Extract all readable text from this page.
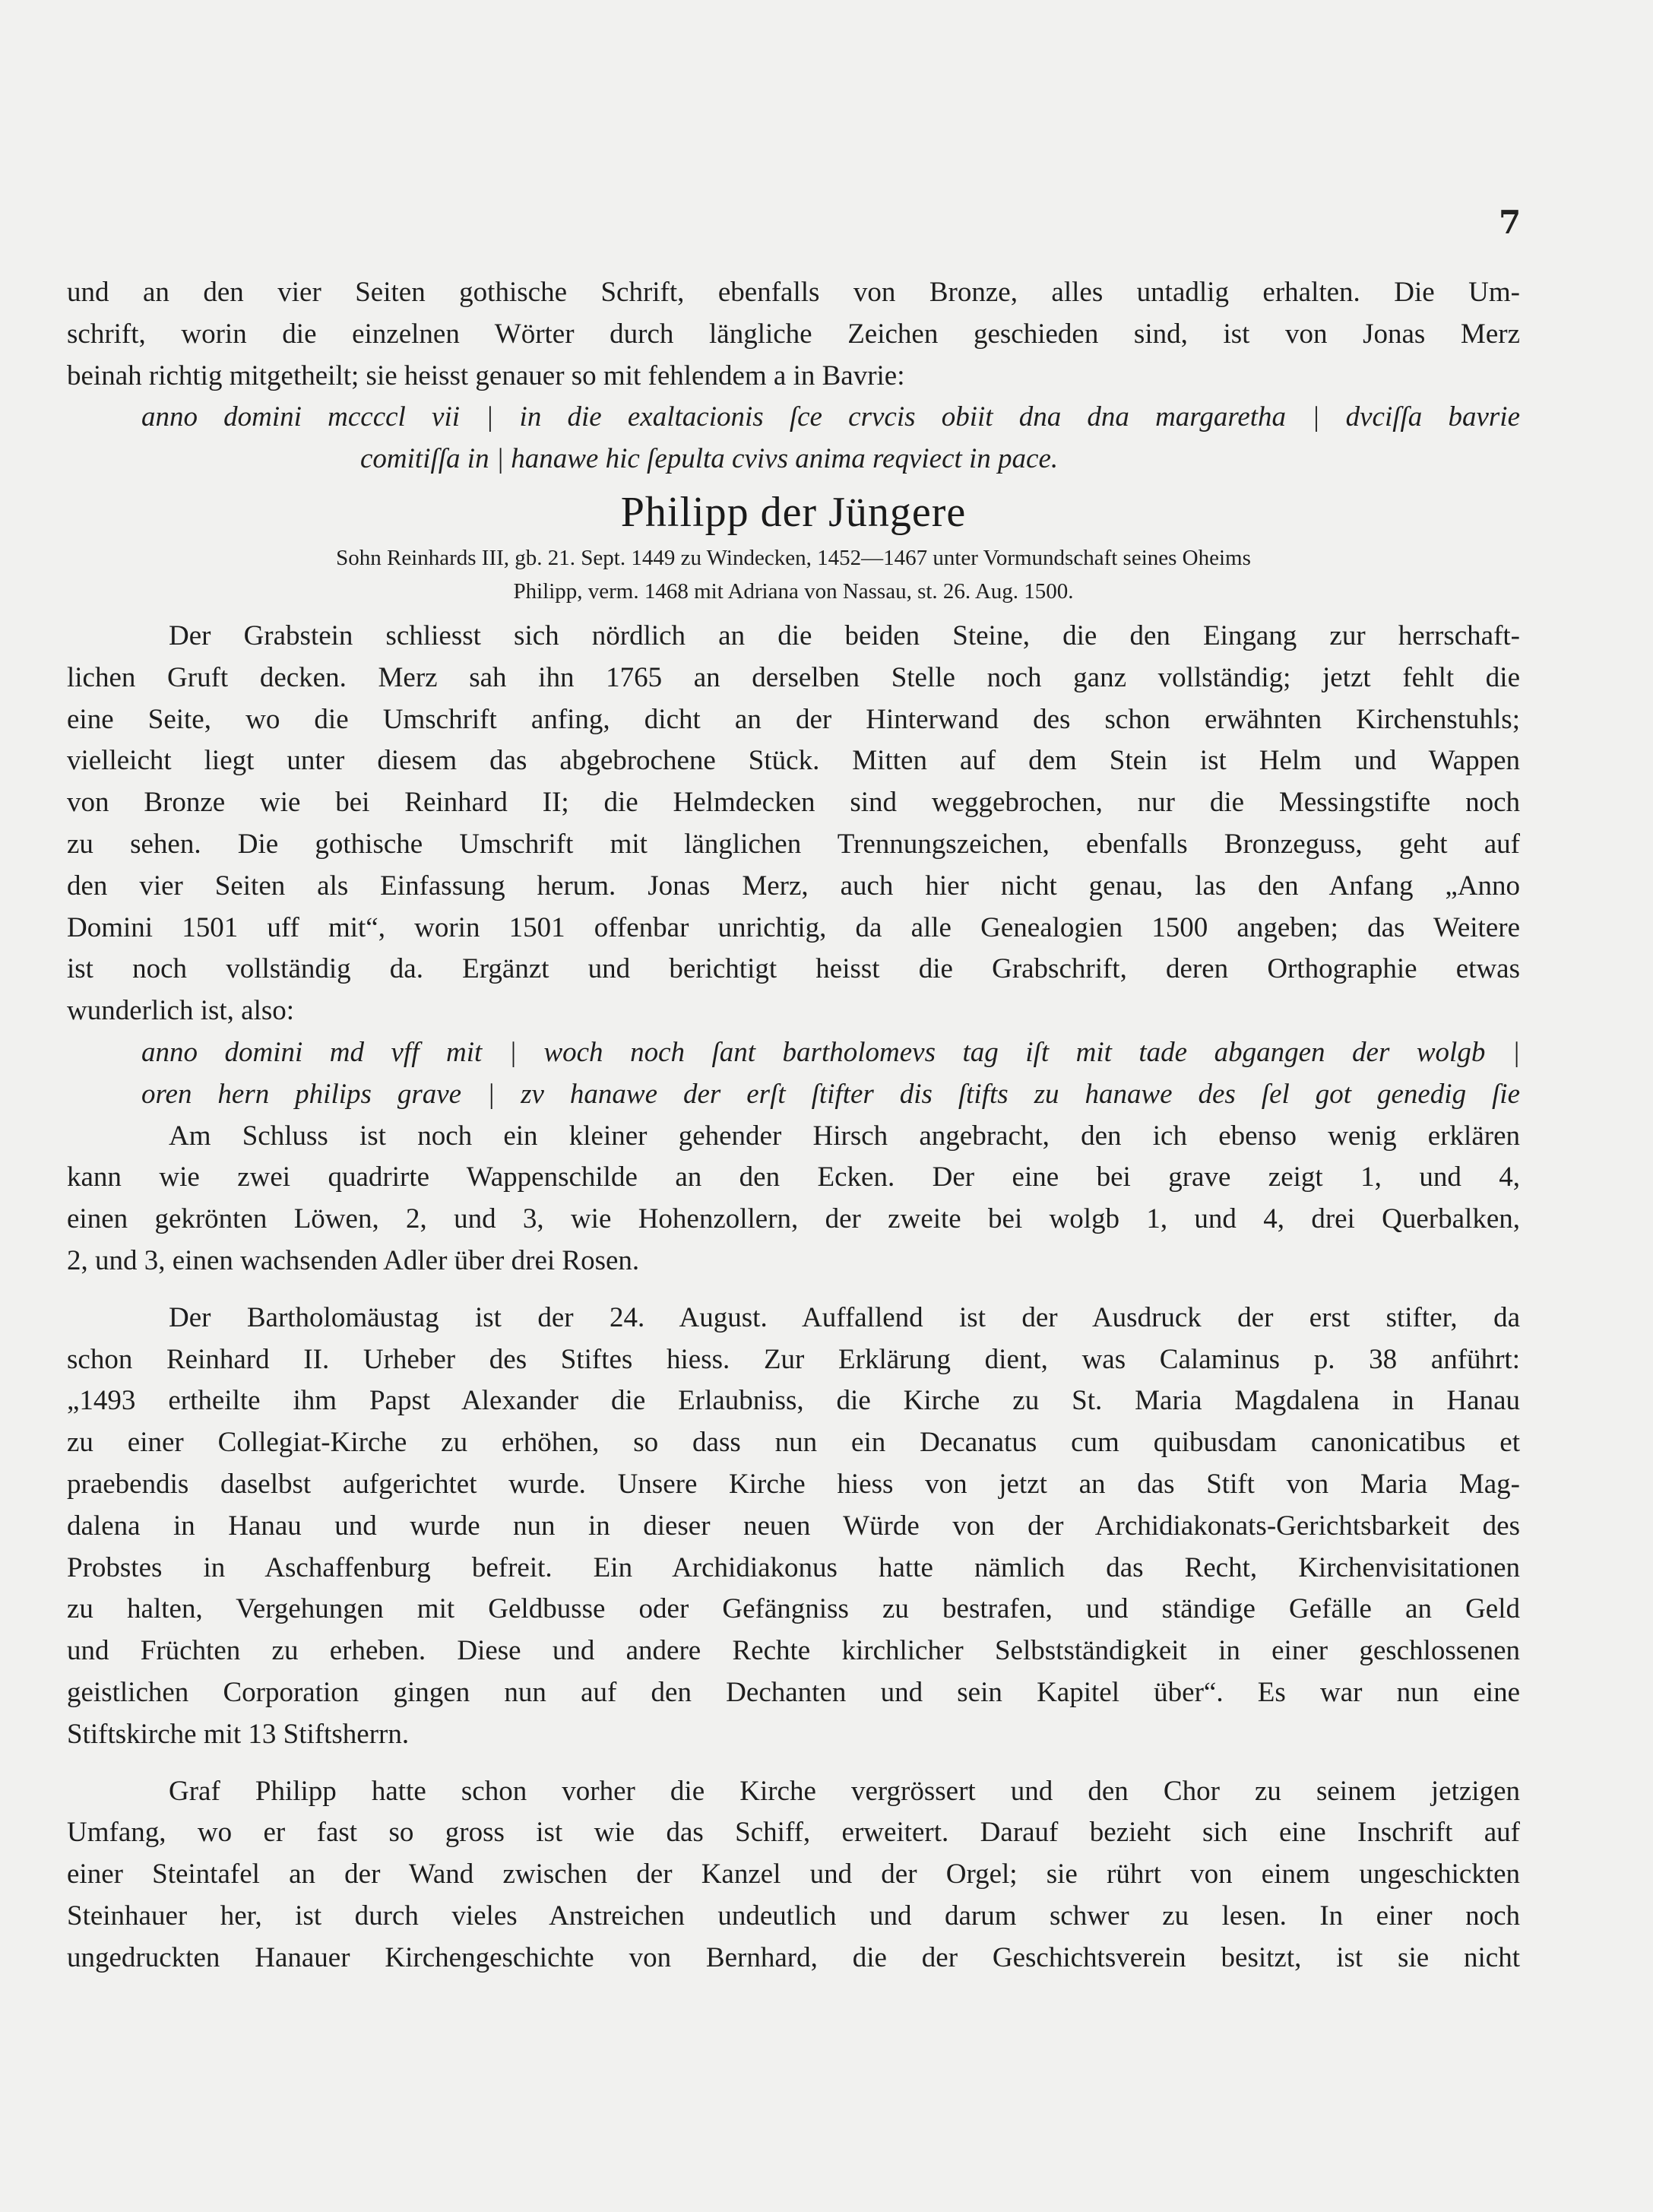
7
und an den vier Seiten gothische Schrift, ebenfalls von Bronze, alles untadlig erhalten. Die Um-
schrift, worin die einzelnen Wörter durch längliche Zeichen geschieden sind, ist von Jonas Merz
beinah richtig mitgetheilt; sie heisst genauer so mit fehlendem a in Bavrie:
anno domini mccccl vii | in die exaltacionis ſce crvcis obiit dna dna margaretha | dvciſſa bavrie
comitiſſa in | hanawe hic ſepulta cvivs anima reqviect in pace.
Philipp der Jüngere
Sohn Reinhards III, gb. 21. Sept. 1449 zu Windecken, 1452—1467 unter Vormundschaft seines Oheims
Philipp, verm. 1468 mit Adriana von Nassau, st. 26. Aug. 1500.
Der Grabstein schliesst sich nördlich an die beiden Steine, die den Eingang zur herrschaft-
lichen Gruft decken. Merz sah ihn 1765 an derselben Stelle noch ganz vollständig; jetzt fehlt die
eine Seite, wo die Umschrift anfing, dicht an der Hinterwand des schon erwähnten Kirchenstuhls;
vielleicht liegt unter diesem das abgebrochene Stück. Mitten auf dem Stein ist Helm und Wappen
von Bronze wie bei Reinhard II; die Helmdecken sind weggebrochen, nur die Messingstifte noch
zu sehen. Die gothische Umschrift mit länglichen Trennungszeichen, ebenfalls Bronzeguss, geht auf
den vier Seiten als Einfassung herum. Jonas Merz, auch hier nicht genau, las den Anfang „Anno
Domini 1501 uff mit“, worin 1501 offenbar unrichtig, da alle Genealogien 1500 angeben; das Weitere
ist noch vollständig da. Ergänzt und berichtigt heisst die Grabschrift, deren Orthographie etwas
wunderlich ist, also:
anno domini md vff mit | woch noch ſant bartholomevs tag iſt mit tade abgangen der wolgb |
oren hern philips grave | zv hanawe der erſt ſtifter dis ſtifts zu hanawe des ſel got genedig ſie
Am Schluss ist noch ein kleiner gehender Hirsch angebracht, den ich ebenso wenig erklären
kann wie zwei quadrirte Wappenschilde an den Ecken. Der eine bei grave zeigt 1, und 4,
einen gekrönten Löwen, 2, und 3, wie Hohenzollern, der zweite bei wolgb 1, und 4, drei Querbalken,
2, und 3, einen wachsenden Adler über drei Rosen.
Der Bartholomäustag ist der 24. August. Auffallend ist der Ausdruck der erst stifter, da
schon Reinhard II. Urheber des Stiftes hiess. Zur Erklärung dient, was Calaminus p. 38 anführt:
„1493 ertheilte ihm Papst Alexander die Erlaubniss, die Kirche zu St. Maria Magdalena in Hanau
zu einer Collegiat-Kirche zu erhöhen, so dass nun ein Decanatus cum quibusdam canonicatibus et
praebendis daselbst aufgerichtet wurde. Unsere Kirche hiess von jetzt an das Stift von Maria Mag-
dalena in Hanau und wurde nun in dieser neuen Würde von der Archidiakonats-Gerichtsbarkeit des
Probstes in Aschaffenburg befreit. Ein Archidiakonus hatte nämlich das Recht, Kirchenvisitationen
zu halten, Vergehungen mit Geldbusse oder Gefängniss zu bestrafen, und ständige Gefälle an Geld
und Früchten zu erheben. Diese und andere Rechte kirchlicher Selbstständigkeit in einer geschlossenen
geistlichen Corporation gingen nun auf den Dechanten und sein Kapitel über“. Es war nun eine
Stiftskirche mit 13 Stiftsherrn.
Graf Philipp hatte schon vorher die Kirche vergrössert und den Chor zu seinem jetzigen
Umfang, wo er fast so gross ist wie das Schiff, erweitert. Darauf bezieht sich eine Inschrift auf
einer Steintafel an der Wand zwischen der Kanzel und der Orgel; sie rührt von einem ungeschickten
Steinhauer her, ist durch vieles Anstreichen undeutlich und darum schwer zu lesen. In einer noch
ungedruckten Hanauer Kirchengeschichte von Bernhard, die der Geschichtsverein besitzt, ist sie nicht
